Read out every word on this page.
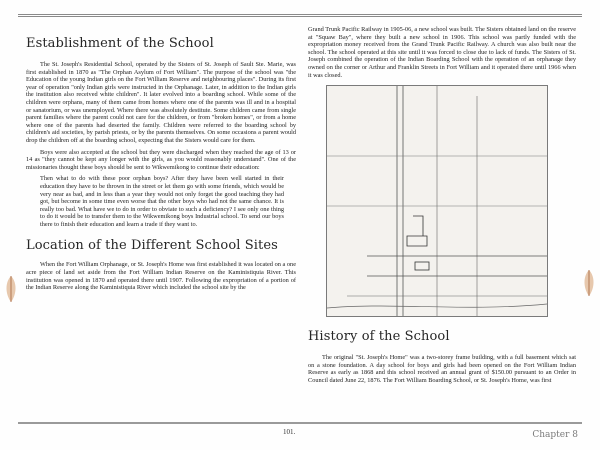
Establishment of the School

The St. Joseph's Residential School, operated by the Sisters of St. Joseph of Sault Ste. Marie, was first established in 1870 as "The Orphan Asylum of Fort William". The purpose of the school was "the Education of the young Indian girls on the Fort William Reserve and neighbouring places". During its first year of operation "only Indian girls were instructed in the Orphanage. Later, in addition to the Indian girls the institution also received white children". It later evolved into a boarding school. While some of the children were orphans, many of them came from homes where one of the parents was ill and in a hospital or sanatorium, or was unemployed. Where there was absolutely destitute. Some children came from single parent families where the parent could not care for the children, or from "broken homes", or from a home where one of the parents had deserted the family. Children were referred to the boarding school by children's aid societies, by parish priests, or by the parents themselves. On some occasions a parent would drop the children off at the boarding school, expecting that the Sisters would care for them.

Boys were also accepted at the school but they were discharged when they reached the age of 13 or 14 as "they cannot be kept any longer with the girls, as you would reasonably understand". One of the missionaries thought these boys should be sent to Wikwemikong to continue their education:

Then what to do with these poor orphan boys? After they have been well started in their education they have to be thrown in the street or let them go with some friends, which would be very near as bad, and in less than a year they would not only forget the good teaching they had got, but become in some time even worse that the other boys who had not the same chance. It is really too bad. What have we to do in order to obviate to such a deficiency? I see only one thing to do it would be to transfer them to the Wikwemikong boys Industrial school. To send our boys there to finish their education and learn a trade if they want to.

Location of the Different School Sites

When the Fort William Orphanage, or St. Joseph's Home was first established it was located on a one acre piece of land set aside from the Fort William Indian Reserve on the Kaministiquia River. This institution was opened in 1870 and operated there until 1907. Following the expropriation of a portion of the Indian Reserve along the Kaministiquia River which included the school site by the

Grand Trunk Pacific Railway in 1905-06, a new school was built. The Sisters obtained land on the reserve at "Squaw Bay", where they built a new school in 1906. This school was partly funded with the expropriation money received from the Grand Trunk Pacific Railway. A church was also built near the school. The school operated at this site until it was forced to close due to lack of funds. The Sisters of St. Joseph combined the operation of the Indian Boarding School with the operation of an orphanage they owned on the corner or Arthur and Franklin Streets in Fort William and it operated there until 1966 when it was closed.

History of the School

The original "St. Joseph's Home" was a two-storey frame building, with a full basement which sat on a stone foundation. A day school for boys and girls had been opened on the Fort William Indian Reserve as early as 1868 and this school received an annual grant of $150.00 pursuant to an Order in Council dated June 22, 1876. The Fort William Boarding School, or St. Joseph's Home, was first

101.	Chapter 8
